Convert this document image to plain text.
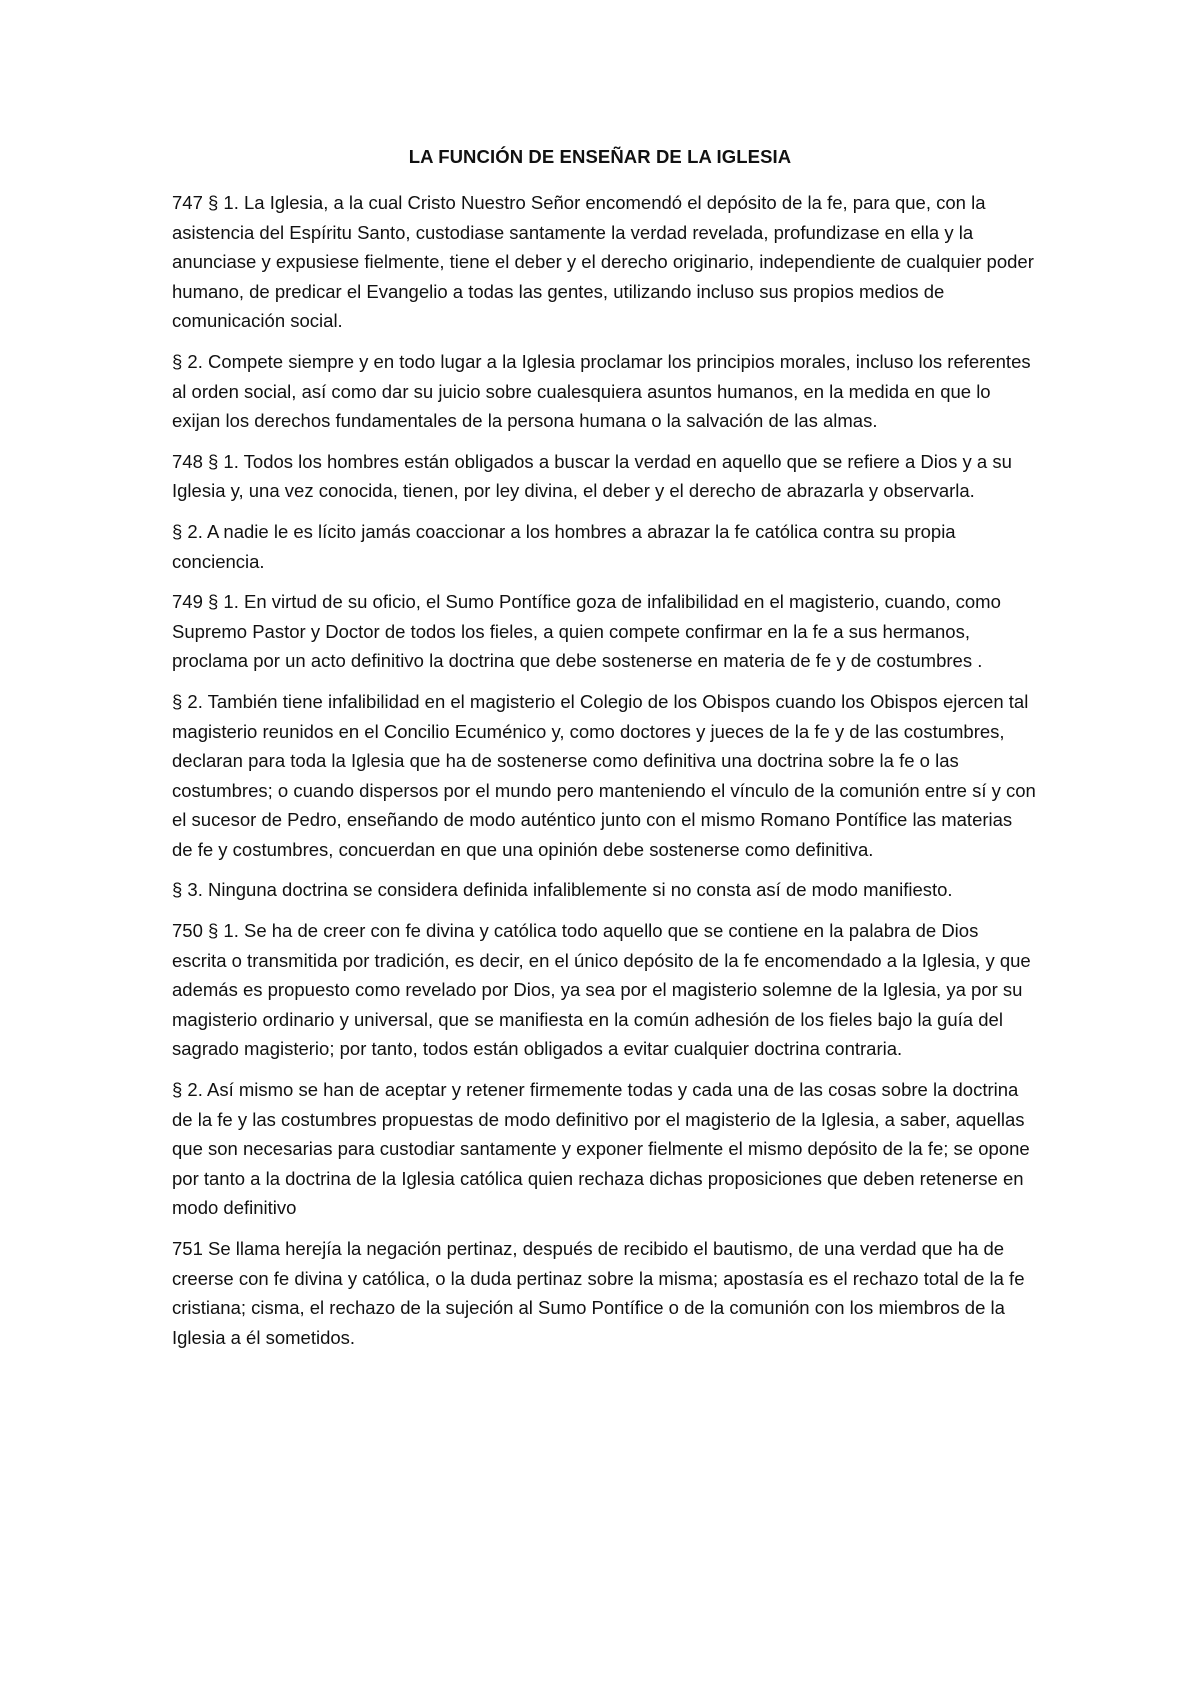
LA FUNCIÓN DE ENSEÑAR DE LA IGLESIA

747 § 1. La Iglesia, a la cual Cristo Nuestro Señor encomendó el depósito de la fe, para que, con la asistencia del Espíritu Santo, custodiase santamente la verdad revelada, profundizase en ella y la anunciase y expusiese fielmente, tiene el deber y el derecho originario, independiente de cualquier poder humano, de predicar el Evangelio a todas las gentes, utilizando incluso sus propios medios de comunicación social.

§ 2. Compete siempre y en todo lugar a la Iglesia proclamar los principios morales, incluso los referentes al orden social, así como dar su juicio sobre cualesquiera asuntos humanos, en la medida en que lo exijan los derechos fundamentales de la persona humana o la salvación de las almas.

748 § 1. Todos los hombres están obligados a buscar la verdad en aquello que se refiere a Dios y a su Iglesia y, una vez conocida, tienen, por ley divina, el deber y el derecho de abrazarla y observarla.

§ 2. A nadie le es lícito jamás coaccionar a los hombres a abrazar la fe católica contra su propia conciencia.

749 § 1. En virtud de su oficio, el Sumo Pontífice goza de infalibilidad en el magisterio, cuando, como Supremo Pastor y Doctor de todos los fieles, a quien compete confirmar en la fe a sus hermanos, proclama por un acto definitivo la doctrina que debe sostenerse en materia de fe y de costumbres .

§ 2. También tiene infalibilidad en el magisterio el Colegio de los Obispos cuando los Obispos ejercen tal magisterio reunidos en el Concilio Ecuménico y, como doctores y jueces de la fe y de las costumbres, declaran para toda la Iglesia que ha de sostenerse como definitiva una doctrina sobre la fe o las costumbres; o cuando dispersos por el mundo pero manteniendo el vínculo de la comunión entre sí y con el sucesor de Pedro, enseñando de modo auténtico junto con el mismo Romano Pontífice las materias de fe y costumbres, concuerdan en que una opinión debe sostenerse como definitiva.

§ 3. Ninguna doctrina se considera definida infaliblemente si no consta así de modo manifiesto.

750 § 1. Se ha de creer con fe divina y católica todo aquello que se contiene en la palabra de Dios escrita o transmitida por tradición, es decir, en el único depósito de la fe encomendado a la Iglesia, y que además es propuesto como revelado por Dios, ya sea por el magisterio solemne de la Iglesia, ya por su magisterio ordinario y universal, que se manifiesta en la común adhesión de los fieles bajo la guía del sagrado magisterio; por tanto, todos están obligados a evitar cualquier doctrina contraria.

§ 2. Así mismo se han de aceptar y retener firmemente todas y cada una de las cosas sobre la doctrina de la fe y las costumbres propuestas de modo definitivo por el magisterio de la Iglesia, a saber, aquellas que son necesarias para custodiar santamente y exponer fielmente el mismo depósito de la fe; se opone por tanto a la doctrina de la Iglesia católica quien rechaza dichas proposiciones que deben retenerse en modo definitivo

751 Se llama herejía la negación pertinaz, después de recibido el bautismo, de una verdad que ha de creerse con fe divina y católica, o la duda pertinaz sobre la misma; apostasía es el rechazo total de la fe cristiana; cisma, el rechazo de la sujeción al Sumo Pontífice o de la comunión con los miembros de la Iglesia a él sometidos.
